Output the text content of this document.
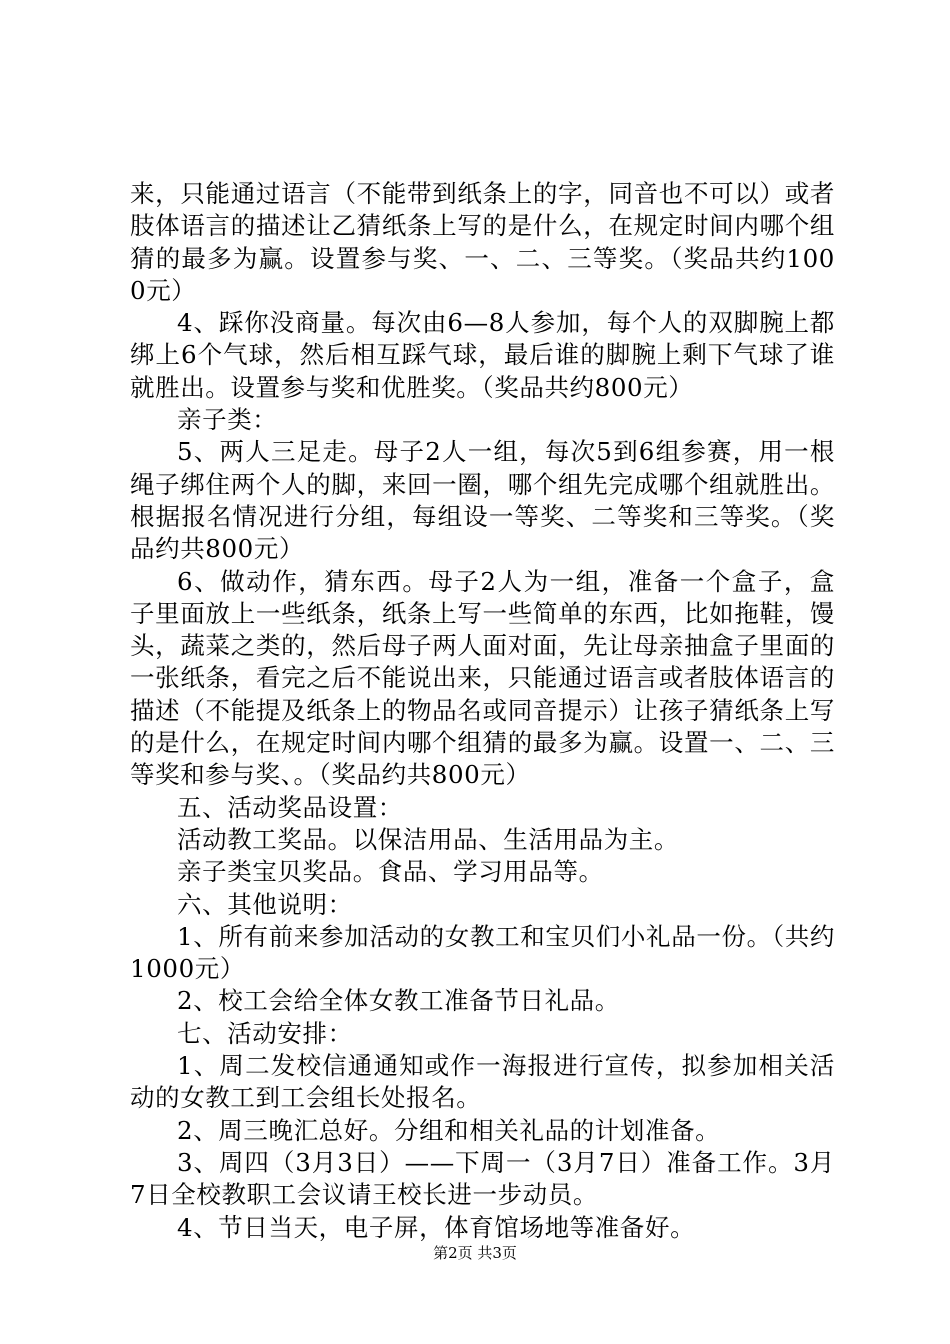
来，只能通过语言（不能带到纸条上的字，同音也不可以）或者肢体语言的描述让乙猜纸条上写的是什么，在规定时间内哪个组猜的最多为赢。设置参与奖、一、二、三等奖。（奖品共约1000元）

4、踩你没商量。每次由6—8人参加，每个人的双脚腕上都绑上6个气球，然后相互踩气球，最后谁的脚腕上剩下气球了谁就胜出。设置参与奖和优胜奖。（奖品共约800元）

亲子类：

5、两人三足走。母子2人一组，每次5到6组参赛，用一根绳子绑住两个人的脚，来回一圈，哪个组先完成哪个组就胜出。根据报名情况进行分组，每组设一等奖、二等奖和三等奖。（奖品约共800元）

6、做动作，猜东西。母子2人为一组，准备一个盒子，盒子里面放上一些纸条，纸条上写一些简单的东西，比如拖鞋，馒头，蔬菜之类的，然后母子两人面对面，先让母亲抽盒子里面的一张纸条，看完之后不能说出来，只能通过语言或者肢体语言的描述（不能提及纸条上的物品名或同音提示）让孩子猜纸条上写的是什么，在规定时间内哪个组猜的最多为赢。设置一、二、三等奖和参与奖、。（奖品约共800元）

五、活动奖品设置：

活动教工奖品。以保洁用品、生活用品为主。

亲子类宝贝奖品。食品、学习用品等。

六、其他说明：

1、所有前来参加活动的女教工和宝贝们小礼品一份。（共约1000元）

2、校工会给全体女教工准备节日礼品。

七、活动安排：

1、周二发校信通通知或作一海报进行宣传，拟参加相关活动的女教工到工会组长处报名。

2、周三晚汇总好。分组和相关礼品的计划准备。

3、周四（3月3日）——下周一（3月7日）准备工作。3月7日全校教职工会议请王校长进一步动员。

4、节日当天，电子屏，体育馆场地等准备好。

第2页 共3页
